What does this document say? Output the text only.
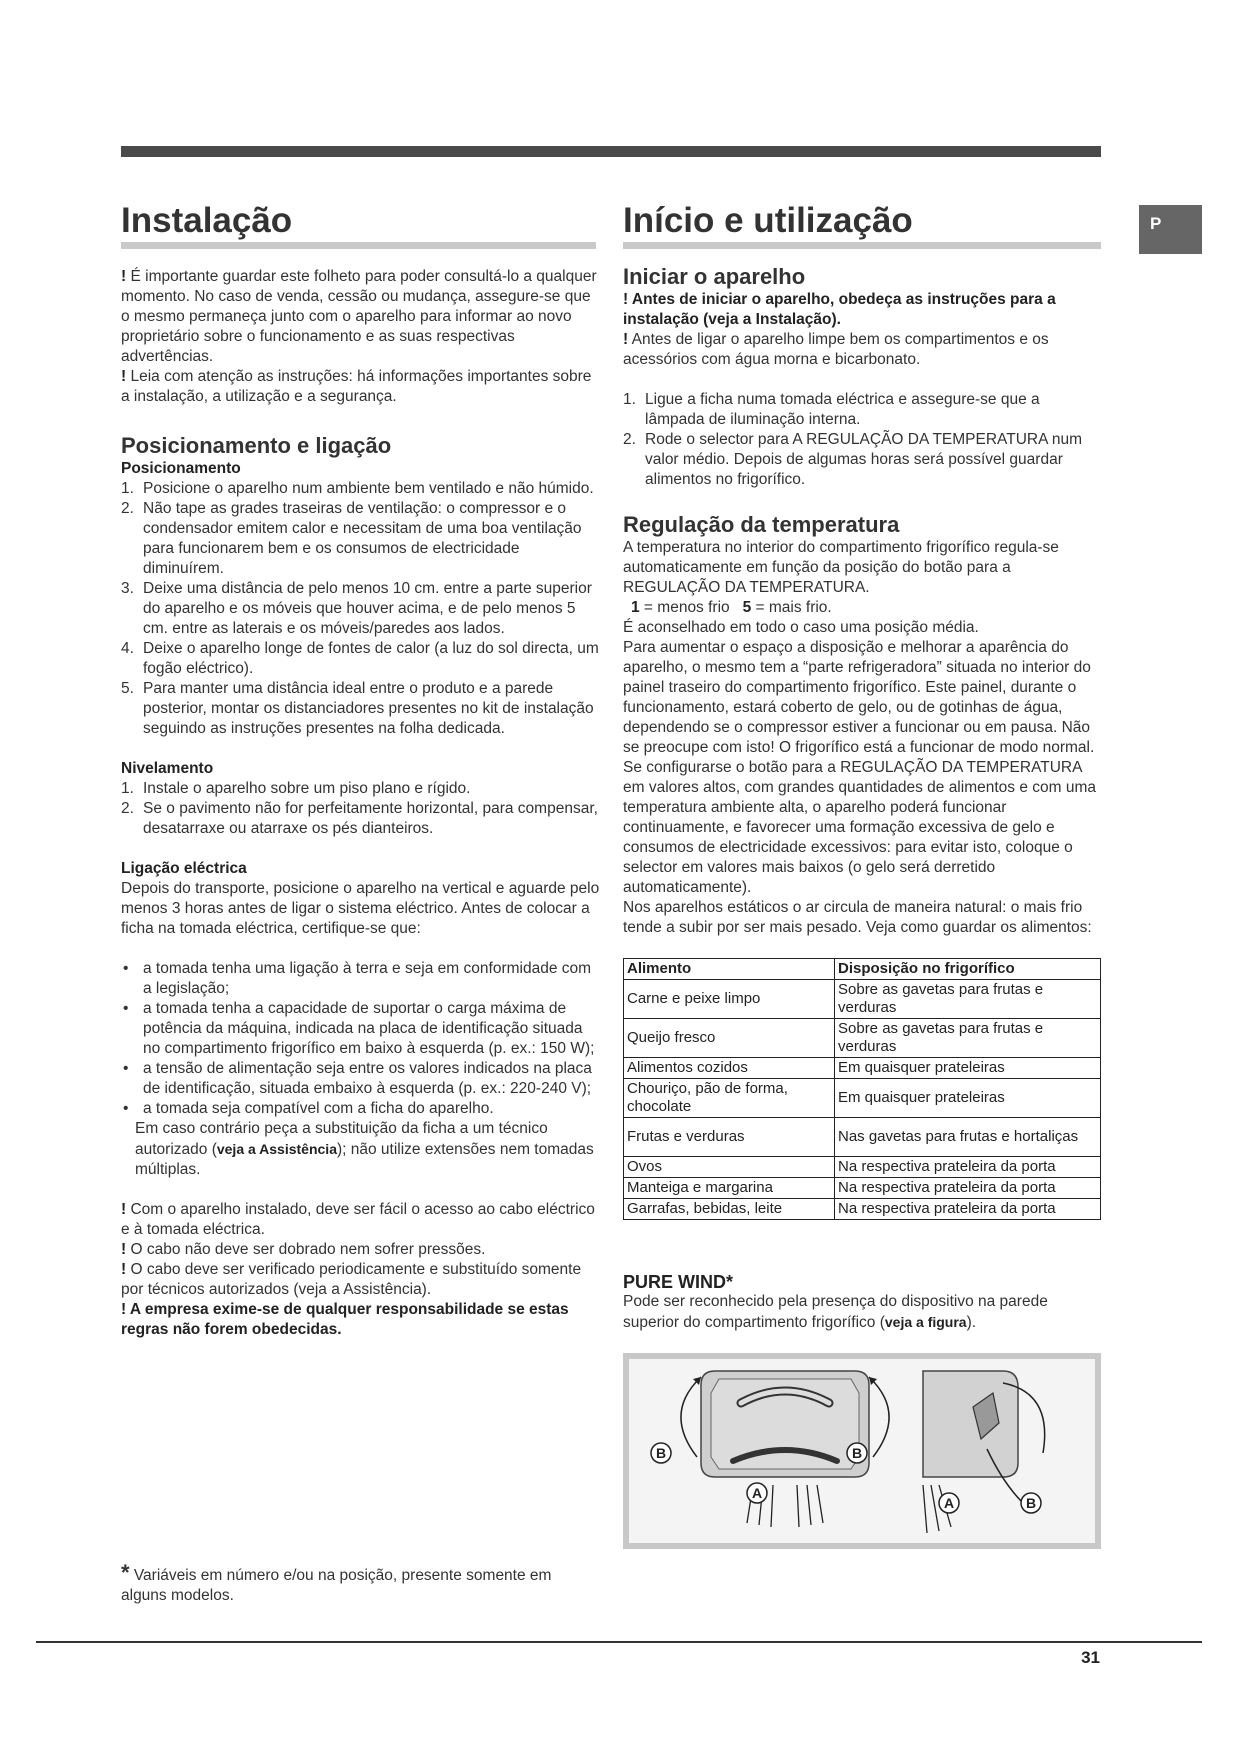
P
Instalação

! É importante guardar este folheto para poder consultá-lo a qualquer momento. No caso de venda, cessão ou mudança, assegure-se que o mesmo permaneça junto com o aparelho para informar ao novo proprietário sobre o funcionamento e as suas respectivas advertências.

! Leia com atenção as instruções: há informações importantes sobre a instalação, a utilização e a segurança.

Posicionamento e ligação

Posicionamento

1. Posicione o aparelho num ambiente bem ventilado e não húmido.
2. Não tape as grades traseiras de ventilação: o compressor e o condensador emitem calor e necessitam de uma boa ventilação para funcionarem bem e os consumos de electricidade diminuírem.
3. Deixe uma distância de pelo menos 10 cm. entre a parte superior do aparelho e os móveis que houver acima, e de pelo menos 5 cm. entre as laterais e os móveis/paredes aos lados.
4. Deixe o aparelho longe de fontes de calor (a luz do sol directa, um fogão eléctrico).
5. Para manter uma distância ideal entre o produto e a parede posterior, montar os distanciadores presentes no kit de instalação seguindo as instruções presentes na folha dedicada.

Nivelamento

1. Instale o aparelho sobre um piso plano e rígido.
2. Se o pavimento não for perfeitamente horizontal, para compensar, desatarraxe ou atarraxe os pés dianteiros.

Ligação eléctrica

Depois do transporte, posicione o aparelho na vertical e aguarde pelo menos 3 horas antes de ligar o sistema eléctrico. Antes de colocar a ficha na tomada eléctrica, certifique-se que:

• a tomada tenha uma ligação à terra e seja em conformidade com a legislação;
• a tomada tenha a capacidade de suportar o carga máxima de potência da máquina, indicada na placa de identificação situada no compartimento frigorífico em baixo à esquerda (p. ex.: 150 W);
• a tensão de alimentação seja entre os valores indicados na placa de identificação, situada embaixo à esquerda (p. ex.: 220-240 V);
• a tomada seja compatível com a ficha do aparelho.

Em caso contrário peça a substituição da ficha a um técnico autorizado (veja a Assistência); não utilize extensões nem tomadas múltiplas.

! Com o aparelho instalado, deve ser fácil o acesso ao cabo eléctrico e à tomada eléctrica.

! O cabo não deve ser dobrado nem sofrer pressões.

! O cabo deve ser verificado periodicamente e substituído somente por técnicos autorizados (veja a Assistência).

! A empresa exime-se de qualquer responsabilidade se estas regras não forem obedecidas.

* Variáveis em número e/ou na posição, presente somente em alguns modelos.
Início e utilização
Iniciar o aparelho

! Antes de iniciar o aparelho, obedeça as instruções para a instalação (veja a Instalação).

! Antes de ligar o aparelho limpe bem os compartimentos e os acessórios com água morna e bicarbonato.

1. Ligue a ficha numa tomada eléctrica e assegure-se que a lâmpada de iluminação interna.
2. Rode o selector para A REGULAÇÃO DA TEMPERATURA num valor médio. Depois de algumas horas será possível guardar alimentos no frigorífico.
Regulação da temperatura

A temperatura no interior do compartimento frigorífico regula-se automaticamente em função da posição do botão para a REGULAÇÃO DA TEMPERATURA.

1 = menos frio 5 = mais frio.

É aconselhado em todo o caso uma posição média.

Para aumentar o espaço a disposição e melhorar a aparência do aparelho, o mesmo tem a “parte refrigeradora” situada no interior do painel traseiro do compartimento frigorífico. Este painel, durante o funcionamento, estará coberto de gelo, ou de gotinhas de água, dependendo se o compressor estiver a funcionar ou em pausa. Não se preocupe com isto! O frigorífico está a funcionar de modo normal. Se configurarse o botão para a REGULAÇÃO DA TEMPERATURA em valores altos, com grandes quantidades de alimentos e com uma temperatura ambiente alta, o aparelho poderá funcionar continuamente, e favorecer uma formação excessiva de gelo e consumos de electricidade excessivos: para evitar isto, coloque o selector em valores mais baixos (o gelo será derretido automaticamente).

Nos aparelhos estáticos o ar circula de maneira natural: o mais frio tende a subir por ser mais pesado. Veja como guardar os alimentos:

Alimento	Disposição no frigorífico
Carne e peixe limpo	Sobre as gavetas para frutas e verduras
Queijo fresco	Sobre as gavetas para frutas e verduras
Alimentos cozidos	Em quaisquer prateleiras
Chouriço, pão de forma, chocolate	Em quaisquer prateleiras
Frutas e verduras	Nas gavetas para frutas e hortaliças
Ovos	Na respectiva prateleira da porta
Manteiga e margarina	Na respectiva prateleira da porta
Garrafas, bebidas, leite	Na respectiva prateleira da porta

PURE WIND*

Pode ser reconhecido pela presença do dispositivo na parede superior do compartimento frigorífico (veja a figura).

B	B
A
A	B
31
